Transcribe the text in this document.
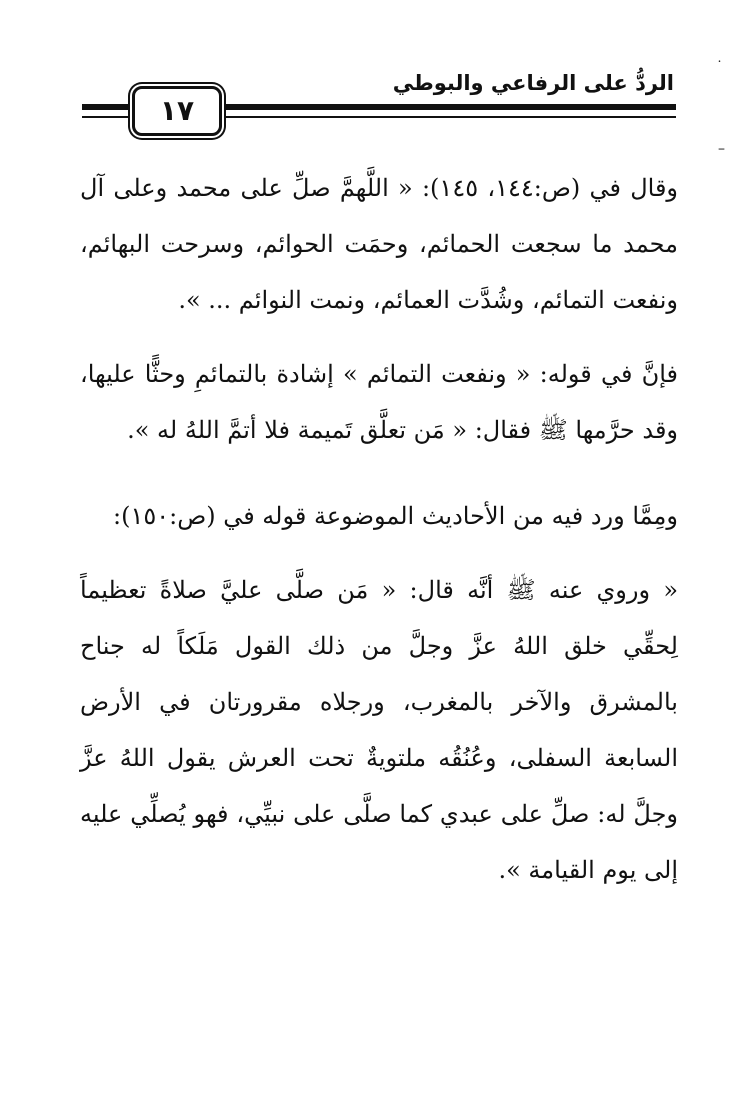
الردُّ على الرفاعي والبوطي
١٧
˙
–

وقال في (ص:١٤٤، ١٤٥): « اللَّهمَّ صلِّ على محمد وعلى آل محمد ما سجعت الحمائم، وحمَت الحوائم، وسرحت البهائم، ونفعت التمائم، وشُدَّت العمائم، ونمت النوائم ... ».

فإنَّ في قوله: « ونفعت التمائم » إشادة بالتمائمِ وحثًّا عليها، وقد حرَّمها ﷺ فقال: « مَن تعلَّق تَميمة فلا أتمَّ اللهُ له ».

ومِمَّا ورد فيه من الأحاديث الموضوعة قوله في (ص:١٥٠):

« وروي عنه ﷺ أنَّه قال: « مَن صلَّى عليَّ صلاةً تعظيماً لِحقِّي خلق اللهُ عزَّ وجلَّ من ذلك القول مَلَكاً له جناح بالمشرق والآخر بالمغرب، ورجلاه مقرورتان في الأرض السابعة السفلى، وعُنُقُه ملتويةٌ تحت العرش يقول اللهُ عزَّ وجلَّ له: صلِّ على عبدي كما صلَّى على نبيِّي، فهو يُصلِّي عليه إلى يوم القيامة ».
